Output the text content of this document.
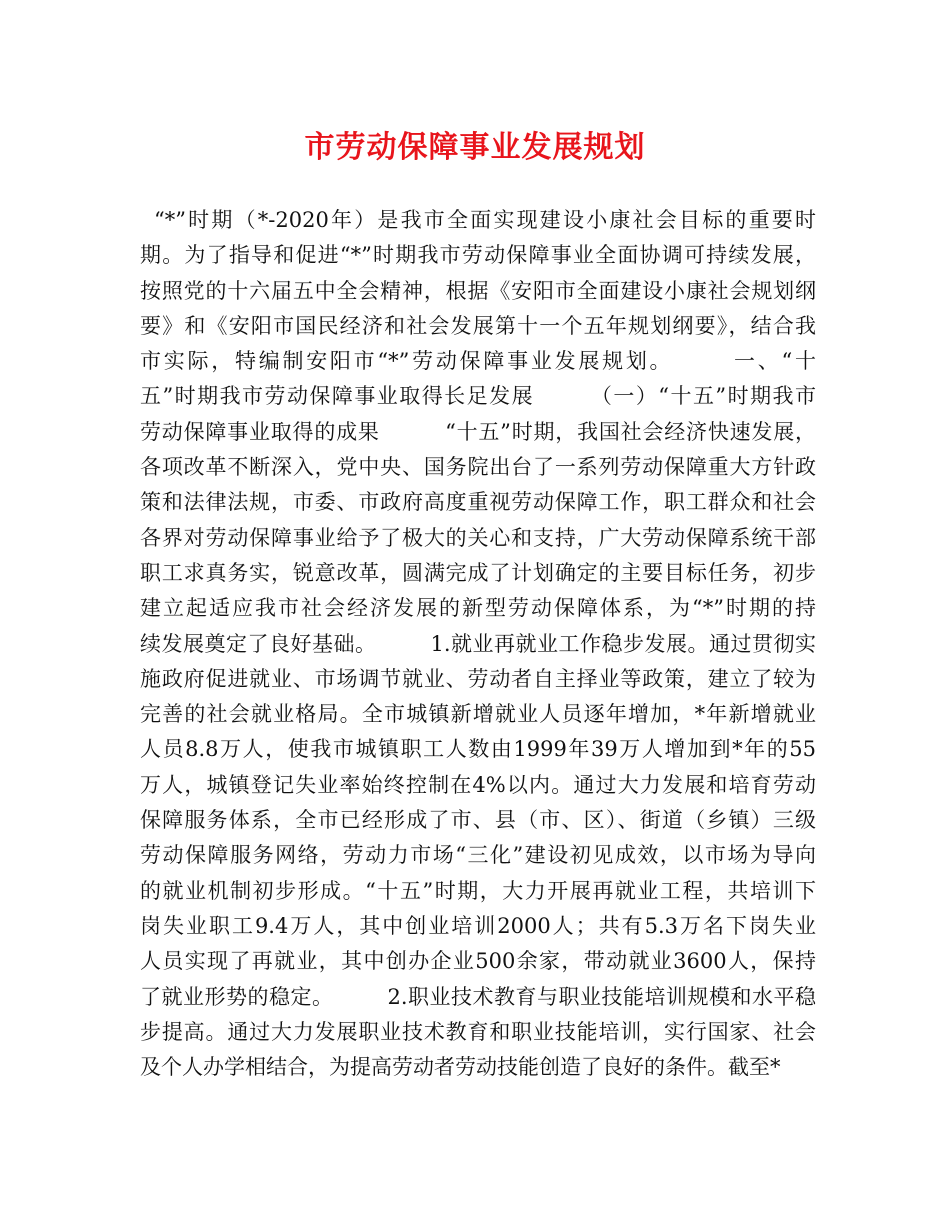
市劳动保障事业发展规划
“*”时期（*-2020年）是我市全面实现建设小康社会目标的重要时
期。为了指导和促进“*”时期我市劳动保障事业全面协调可持续发展，
按照党的十六届五中全会精神，根据《安阳市全面建设小康社会规划纲
要》和《安阳市国民经济和社会发展第十一个五年规划纲要》，结合我
市实际，特编制安阳市“*”劳动保障事业发展规划。　　　一、“十
五”时期我市劳动保障事业取得长足发展　　　（一）“十五”时期我市
劳动保障事业取得的成果　　　“十五”时期，我国社会经济快速发展，
各项改革不断深入，党中央、国务院出台了一系列劳动保障重大方针政
策和法律法规，市委、市政府高度重视劳动保障工作，职工群众和社会
各界对劳动保障事业给予了极大的关心和支持，广大劳动保障系统干部
职工求真务实，锐意改革，圆满完成了计划确定的主要目标任务，初步
建立起适应我市社会经济发展的新型劳动保障体系，为“*”时期的持
续发展奠定了良好基础。　　　1.就业再就业工作稳步发展。通过贯彻实
施政府促进就业、市场调节就业、劳动者自主择业等政策，建立了较为
完善的社会就业格局。全市城镇新增就业人员逐年增加，*年新增就业
人员8.8万人，使我市城镇职工人数由1999年39万人增加到*年的55
万人，城镇登记失业率始终控制在4%以内。通过大力发展和培育劳动
保障服务体系，全市已经形成了市、县（市、区）、街道（乡镇）三级
劳动保障服务网络，劳动力市场“三化”建设初见成效，以市场为导向
的就业机制初步形成。“十五”时期，大力开展再就业工程，共培训下
岗失业职工9.4万人，其中创业培训2000人；共有5.3万名下岗失业
人员实现了再就业，其中创办企业500余家，带动就业3600人，保持
了就业形势的稳定。　　　2.职业技术教育与职业技能培训规模和水平稳
步提高。通过大力发展职业技术教育和职业技能培训，实行国家、社会
及个人办学相结合，为提高劳动者劳动技能创造了良好的条件。截至*
